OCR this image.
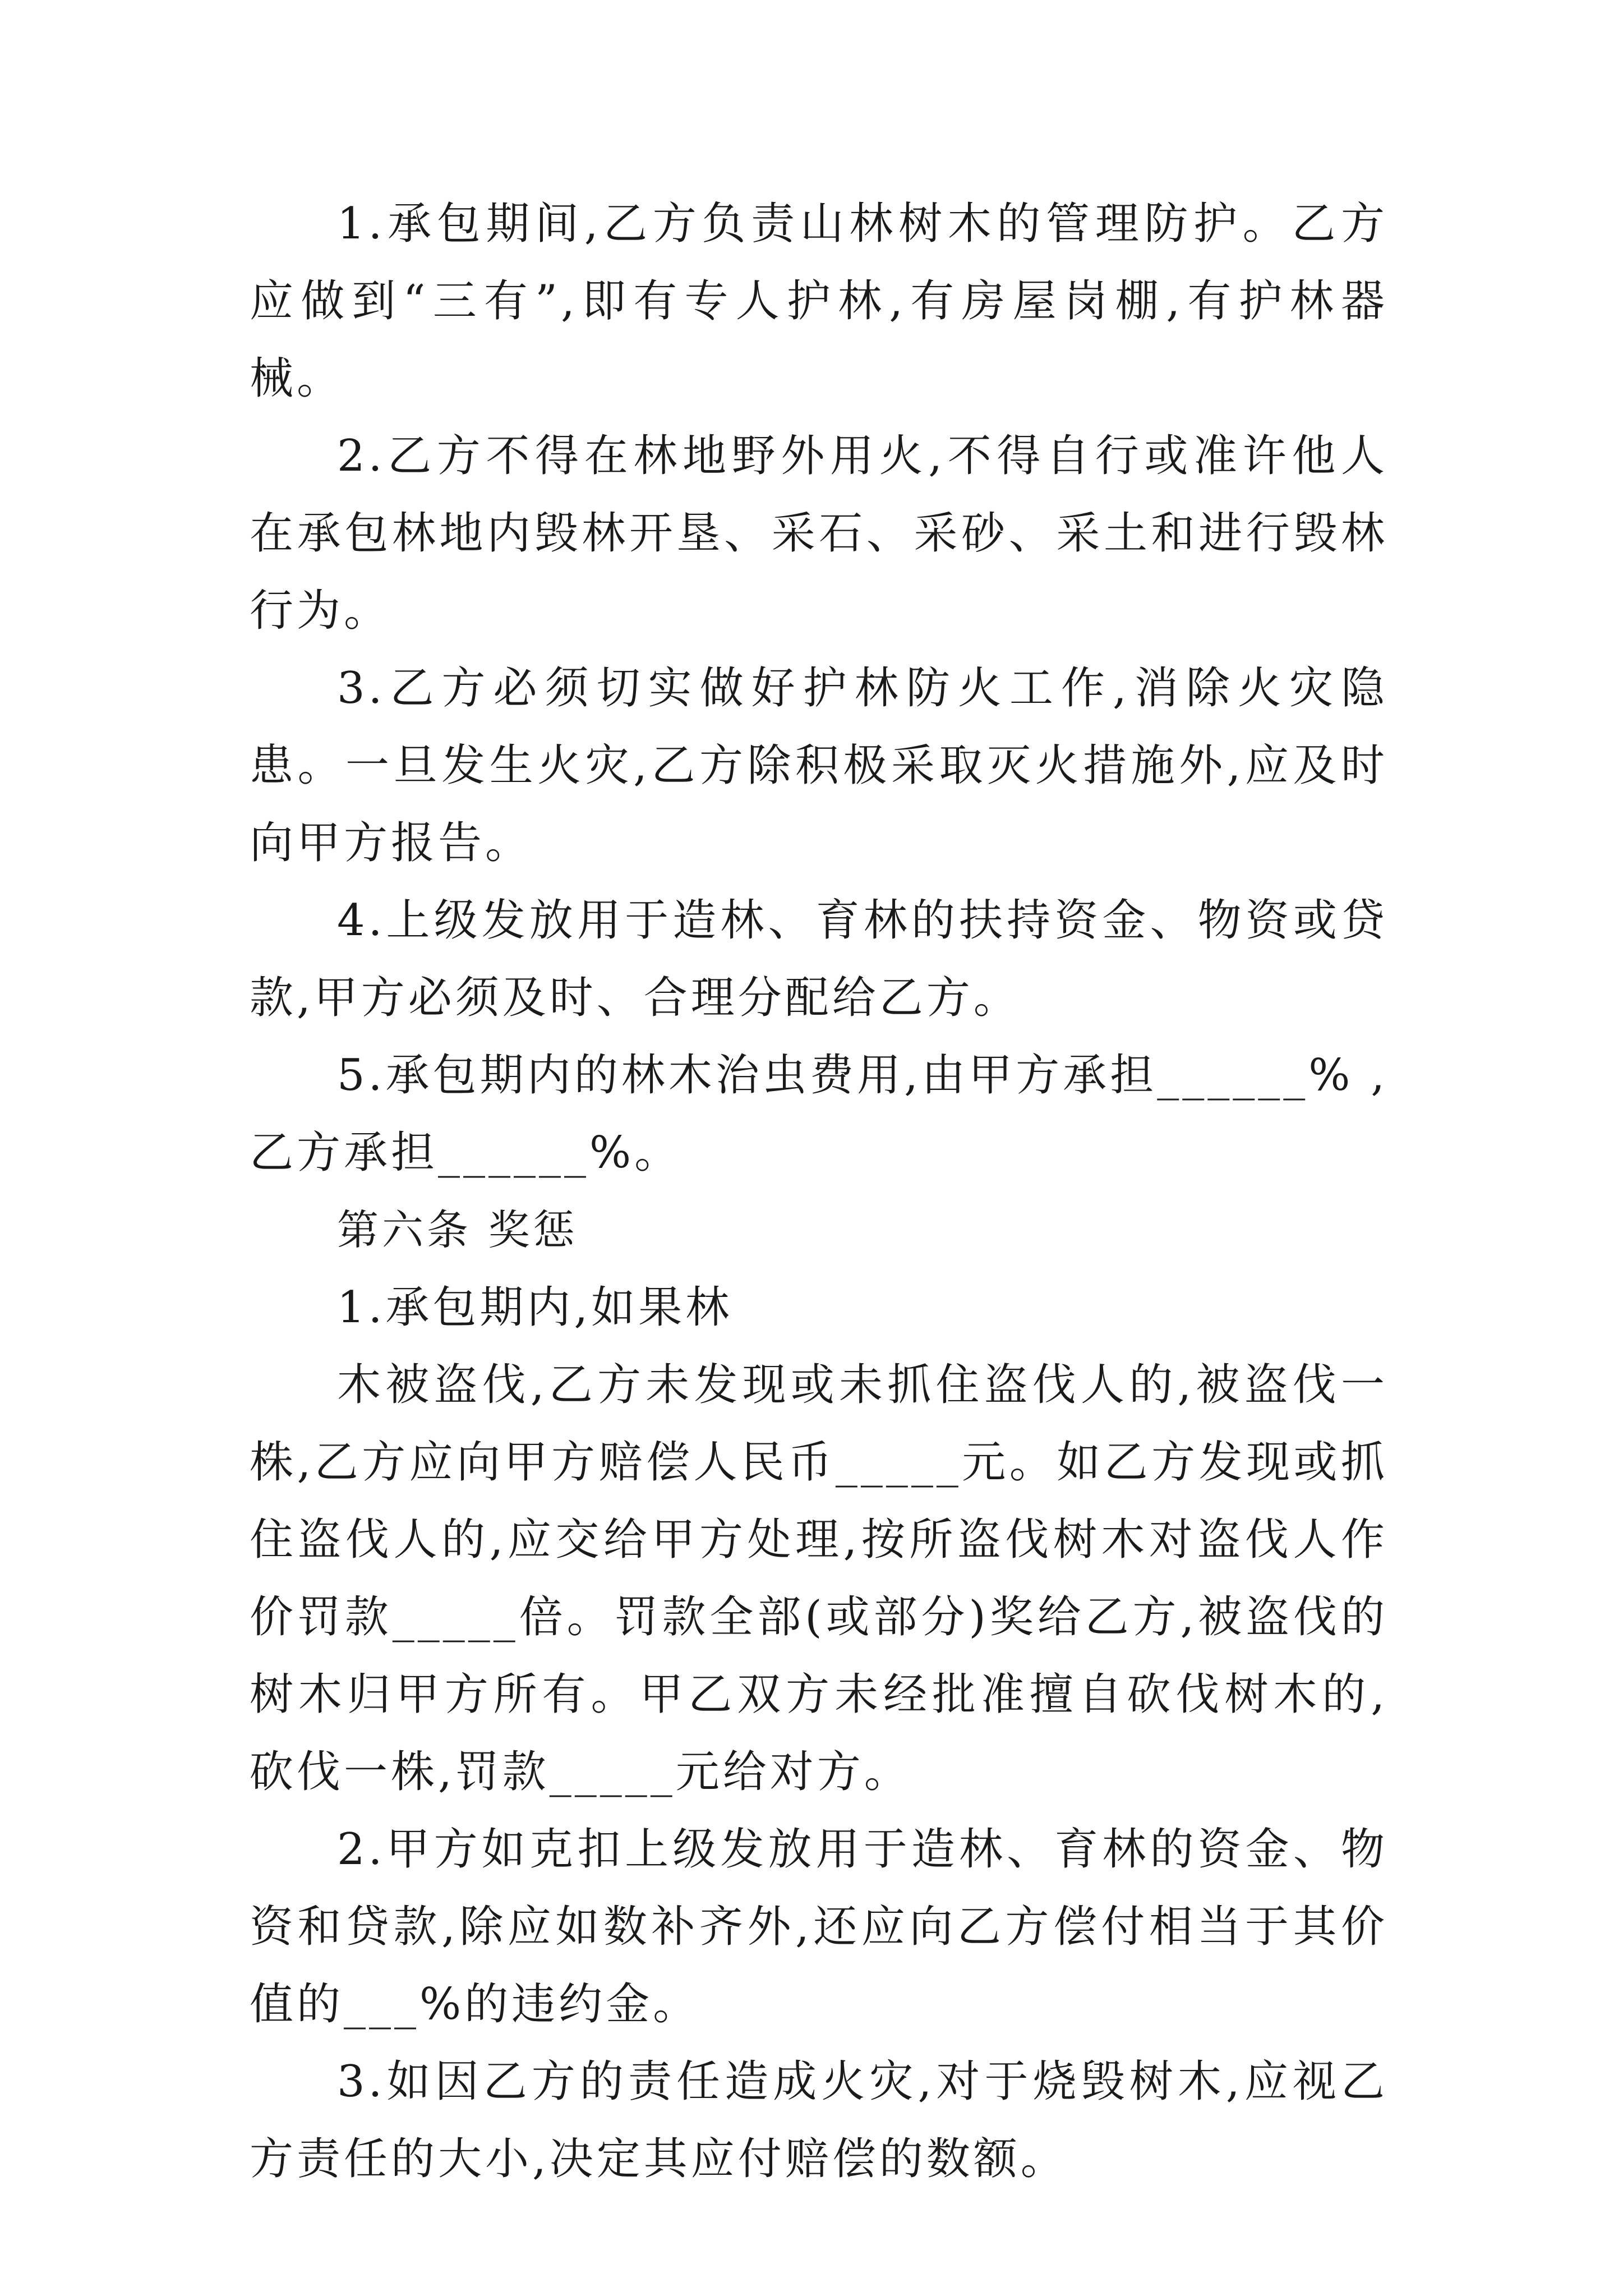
1.承包期间,乙方负责山林树木的管理防护。乙方应做到“三有”,即有专人护林,有房屋岗棚,有护林器械。

2.乙方不得在林地野外用火,不得自行或准许他人在承包林地内毁林开垦、采石、采砂、采土和进行毁林行为。

3.乙方必须切实做好护林防火工作,消除火灾隐患。一旦发生火灾,乙方除积极采取灭火措施外,应及时向甲方报告。

4.上级发放用于造林、育林的扶持资金、物资或贷款,甲方必须及时、合理分配给乙方。

5.承包期内的林木治虫费用,由甲方承担______% ,乙方承担______%。

第六条 奖惩

1.承包期内,如果林

木被盗伐,乙方未发现或未抓住盗伐人的,被盗伐一株,乙方应向甲方赔偿人民币_____元。如乙方发现或抓住盗伐人的,应交给甲方处理,按所盗伐树木对盗伐人作价罚款_____倍。罚款全部(或部分)奖给乙方,被盗伐的树木归甲方所有。甲乙双方未经批准擅自砍伐树木的,砍伐一株,罚款_____元给对方。

2.甲方如克扣上级发放用于造林、育林的资金、物资和贷款,除应如数补齐外,还应向乙方偿付相当于其价值的___%的违约金。

3.如因乙方的责任造成火灾,对于烧毁树木,应视乙方责任的大小,决定其应付赔偿的数额。
